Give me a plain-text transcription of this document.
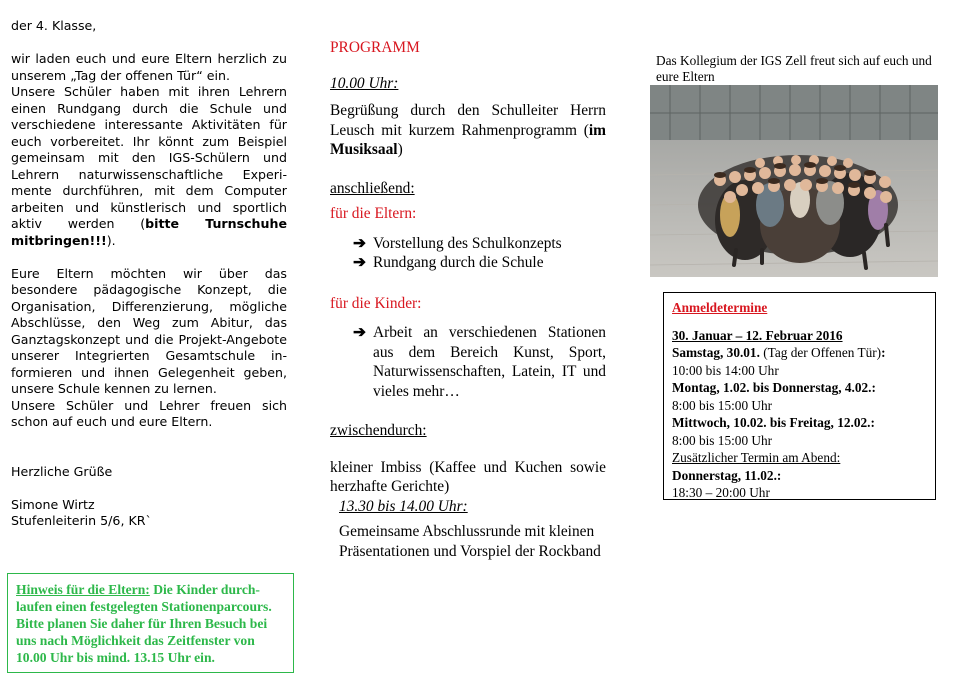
der 4. Klasse,

wir laden euch und eure Eltern herzlich zu unserem „Tag der offenen Tür“ ein.

Unsere Schüler haben mit ihren Lehrern einen Rundgang durch die Schule und verschiedene interessante Aktivitäten für euch vorbereitet. Ihr könnt zum Beispiel gemeinsam mit den IGS-Schülern und Lehrern naturwissenschaftliche Experi- mente durchführen, mit dem Computer arbeiten und künstlerisch und sportlich aktiv werden (bitte Turnschuhe mitbringen!!!).

Eure Eltern möchten wir über das besondere pädagogische Konzept, die Organisation, Differenzierung, mögliche Abschlüsse, den Weg zum Abitur, das Ganztagskonzept und die Projekt-Angebote unserer Integrierten Gesamtschule in- formieren und ihnen Gelegenheit geben, unsere Schule kennen zu lernen.

Unsere Schüler und Lehrer freuen sich schon auf euch und eure Eltern.

Herzliche Grüße

Simone Wirtz

Stufenleiterin 5/6, KR`

Hinweis für die Eltern: Die Kinder durch- laufen einen festgelegten Stationenparcours. Bitte planen Sie daher für Ihren Besuch bei uns nach Möglichkeit das Zeitfenster von 10.00 Uhr bis mind. 13.15 Uhr ein.
PROGRAMM
10.00 Uhr:
Begrüßung durch den Schulleiter Herrn Leusch mit kurzem Rahmenprogramm (im Musiksaal)
anschließend:
für die Eltern:
➔ Vorstellung des Schulkonzepts
➔ Rundgang durch die Schule
für die Kinder:
➔ Arbeit an verschiedenen Stationen aus dem Bereich Kunst, Sport, Naturwissenschaften, Latein, IT und vieles mehr…
zwischendurch:
kleiner Imbiss (Kaffee und Kuchen sowie herzhafte Gerichte)
13.30 bis 14.00 Uhr:
Gemeinsame Abschlussrunde mit kleinen Präsentationen und Vorspiel der Rockband

Das Kollegium der IGS Zell freut sich auf euch und eure Eltern

Anmeldetermine
30. Januar – 12. Februar 2016
Samstag, 30.01. (Tag der Offenen Tür):
10:00 bis 14:00 Uhr
Montag, 1.02. bis Donnerstag, 4.02.:
8:00 bis 15:00 Uhr
Mittwoch, 10.02. bis Freitag, 12.02.:
8:00 bis 15:00 Uhr
Zusätzlicher Termin am Abend:
Donnerstag, 11.02.:
18:30 – 20:00 Uhr
